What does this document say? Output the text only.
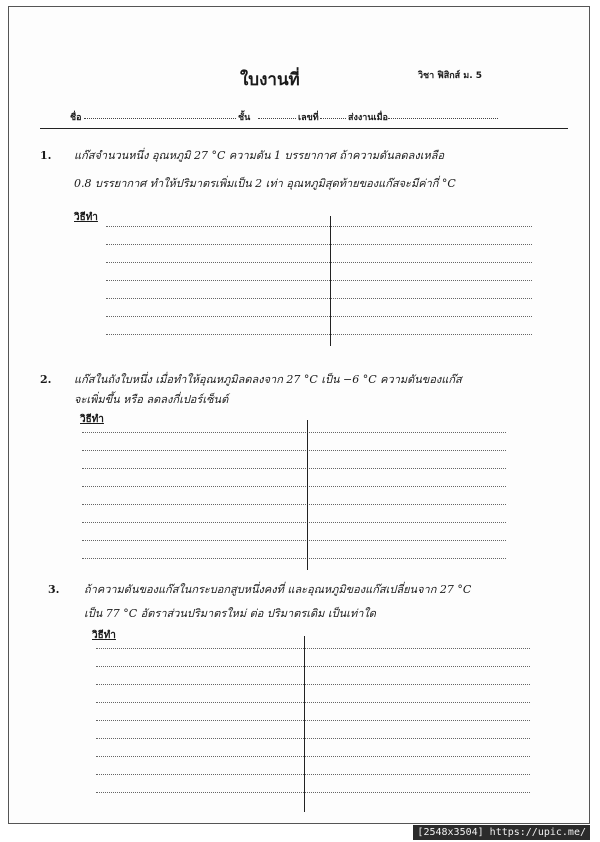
ใบงานที่	วิชา ฟิสิกส์ ม. 5
ชื่อ	ชั้น	เลขที่	ส่งงานเมื่อ
1. แก๊สจำนวนหนึ่ง อุณหภูมิ 27 °C ความดัน 1 บรรยากาศ ถ้าความดันลดลงเหลือ
0.8 บรรยากาศ ทำให้ปริมาตรเพิ่มเป็น 2 เท่า อุณหภูมิสุดท้ายของแก๊สจะมีค่ากี่ °C
วิธีทำ
2. แก๊สในถังใบหนึ่ง เมื่อทำให้อุณหภูมิลดลงจาก 27 °C เป็น −6 °C ความดันของแก๊ส
จะเพิ่มขึ้น หรือ ลดลงกี่เปอร์เซ็นต์
วิธีทำ
3. ถ้าความดันของแก๊สในกระบอกสูบหนึ่งคงที่ และอุณหภูมิของแก๊สเปลี่ยนจาก 27 °C
เป็น 77 °C อัตราส่วนปริมาตรใหม่ ต่อ ปริมาตรเดิม เป็นเท่าใด
วิธีทำ
[2548x3504] https://upic.me/
